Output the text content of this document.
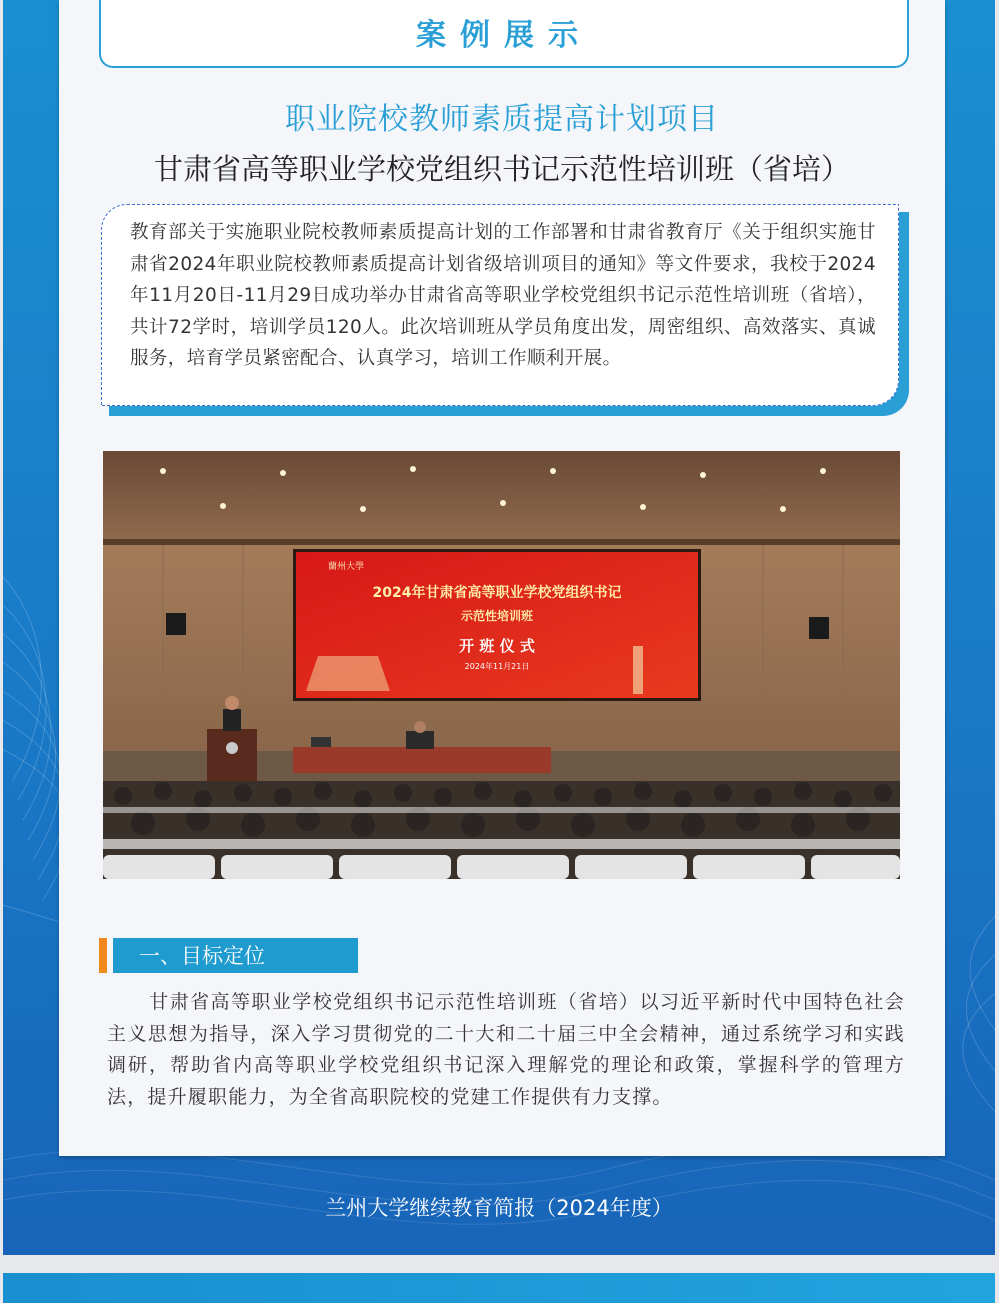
案例展示
职业院校教师素质提高计划项目
甘肃省高等职业学校党组织书记示范性培训班（省培）
教育部关于实施职业院校教师素质提高计划的工作部署和甘肃省教育厅《关于组织实施甘肃省2024年职业院校教师素质提高计划省级培训项目的通知》等文件要求，我校于2024年11月20日-11月29日成功举办甘肃省高等职业学校党组织书记示范性培训班（省培），共计72学时，培训学员120人。此次培训班从学员角度出发，周密组织、高效落实、真诚服务，培育学员紧密配合、认真学习，培训工作顺利开展。
蘭州大學
2024年甘肃省高等职业学校党组织书记
示范性培训班
开 班 仪 式
2024年11月21日
一、目标定位
甘肃省高等职业学校党组织书记示范性培训班（省培）以习近平新时代中国特色社会主义思想为指导，深入学习贯彻党的二十大和二十届三中全会精神，通过系统学习和实践调研，帮助省内高等职业学校党组织书记深入理解党的理论和政策，掌握科学的管理方法，提升履职能力，为全省高职院校的党建工作提供有力支撑。
兰州大学继续教育简报（2024年度）
